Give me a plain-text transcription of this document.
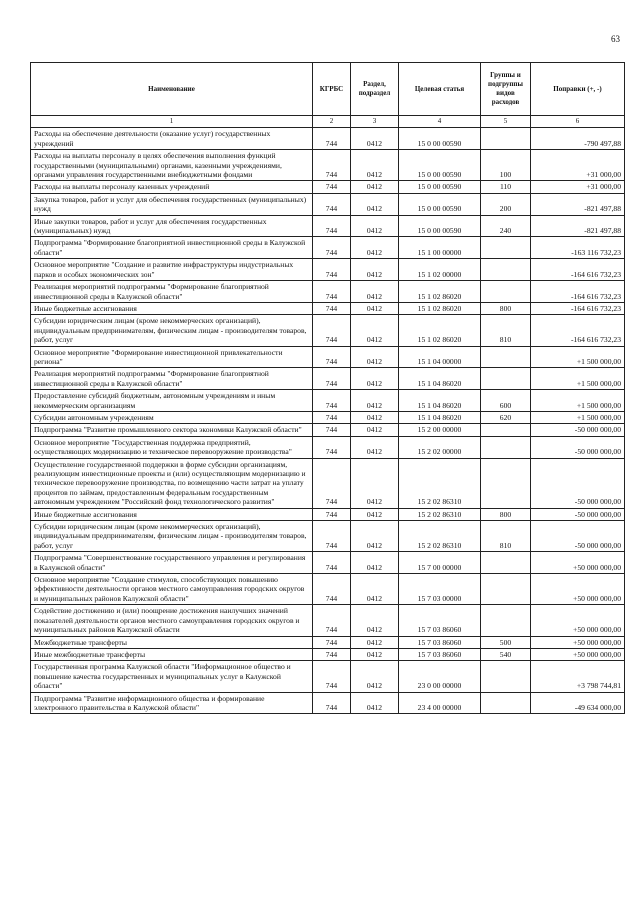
63
Наименование	КГРБС	Раздел, подраздел	Целевая статья	Группы и подгруппы видов расходов	Поправки (+, -)
1	2	3	4	5	6
Расходы на обеспечение деятельности (оказание услуг) государственных учреждений	744	0412	15 0 00 00590		-790 497,88
Расходы на выплаты персоналу в целях обеспечения выполнения функций государственными (муниципальными) органами, казенными учреждениями, органами управления государственными внебюджетными фондами	744	0412	15 0 00 00590	100	+31 000,00
Расходы на выплаты персоналу казенных учреждений	744	0412	15 0 00 00590	110	+31 000,00
Закупка товаров, работ и услуг для обеспечения государственных (муниципальных) нужд	744	0412	15 0 00 00590	200	-821 497,88
Иные закупки товаров, работ и услуг для обеспечения государственных (муниципальных) нужд	744	0412	15 0 00 00590	240	-821 497,88
Подпрограмма "Формирование благоприятной инвестиционной среды в Калужской области"	744	0412	15 1 00 00000		-163 116 732,23
Основное мероприятие "Создание и развитие инфраструктуры индустриальных парков и особых экономических зон"	744	0412	15 1 02 00000		-164 616 732,23
Реализация мероприятий подпрограммы "Формирование благоприятной инвестиционной среды в Калужской области"	744	0412	15 1 02 86020		-164 616 732,23
Иные бюджетные ассигнования	744	0412	15 1 02 86020	800	-164 616 732,23
Субсидии юридическим лицам (кроме некоммерческих организаций), индивидуальным предпринимателям, физическим лицам - производителям товаров, работ, услуг	744	0412	15 1 02 86020	810	-164 616 732,23
Основное мероприятие "Формирование инвестиционной привлекательности региона"	744	0412	15 1 04 00000		+1 500 000,00
Реализация мероприятий подпрограммы "Формирование благоприятной инвестиционной среды в Калужской области"	744	0412	15 1 04 86020		+1 500 000,00
Предоставление субсидий бюджетным, автономным учреждениям и иным некоммерческим организациям	744	0412	15 1 04 86020	600	+1 500 000,00
Субсидии автономным учреждениям	744	0412	15 1 04 86020	620	+1 500 000,00
Подпрограмма "Развитие промышленного сектора экономики Калужской области"	744	0412	15 2 00 00000		-50 000 000,00
Основное мероприятие "Государственная поддержка предприятий, осуществляющих модернизацию и техническое перевооружение производства"	744	0412	15 2 02 00000		-50 000 000,00
Осуществление государственной поддержки в форме субсидии организациям, реализующим инвестиционные проекты и (или) осуществляющим модернизацию и техническое перевооружение производства, по возмещению части затрат на уплату процентов по займам, предоставленным федеральным государственным автономным учреждением "Российский фонд технологического развития"	744	0412	15 2 02 86310		-50 000 000,00
Иные бюджетные ассигнования	744	0412	15 2 02 86310	800	-50 000 000,00
Субсидии юридическим лицам (кроме некоммерческих организаций), индивидуальным предпринимателям, физическим лицам - производителям товаров, работ, услуг	744	0412	15 2 02 86310	810	-50 000 000,00
Подпрограмма "Совершенствование государственного управления и регулирования в Калужской области"	744	0412	15 7 00 00000		+50 000 000,00
Основное мероприятие "Создание стимулов, способствующих повышению эффективности деятельности органов местного самоуправления городских округов и муниципальных районов Калужской области"	744	0412	15 7 03 00000		+50 000 000,00
Содействие достижению и (или) поощрение достижения наилучших значений показателей деятельности органов местного самоуправления городских округов и муниципальных районов Калужской области	744	0412	15 7 03 86060		+50 000 000,00
Межбюджетные трансферты	744	0412	15 7 03 86060	500	+50 000 000,00
Иные межбюджетные трансферты	744	0412	15 7 03 86060	540	+50 000 000,00
Государственная программа Калужской области "Информационное общество и повышение качества государственных и муниципальных услуг в Калужской области"	744	0412	23 0 00 00000		+3 798 744,81
Подпрограмма "Развитие информационного общества и формирование электронного правительства в Калужской области"	744	0412	23 4 00 00000		-49 634 000,00
